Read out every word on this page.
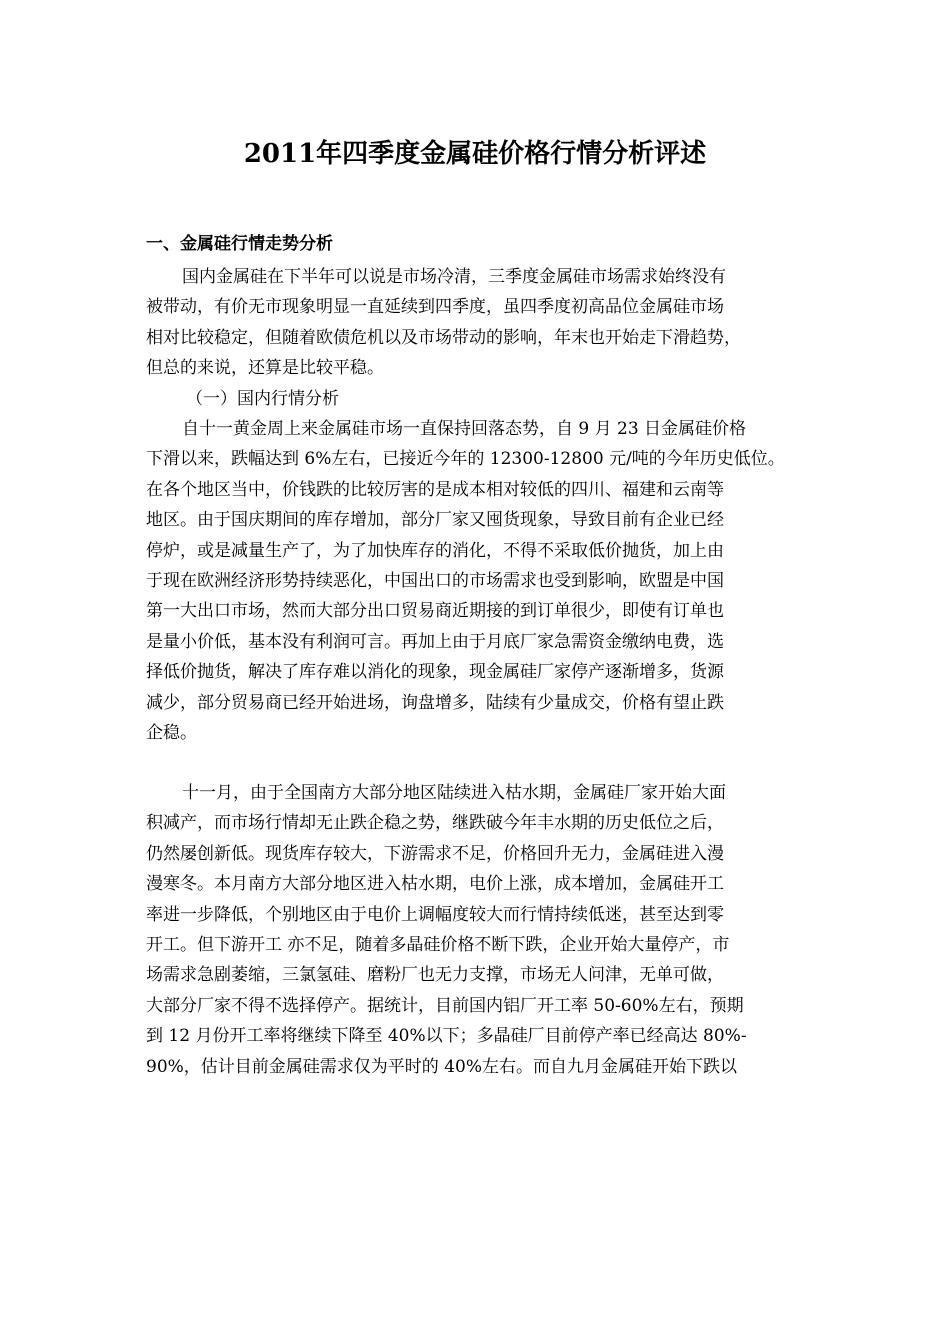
2011年四季度金属硅价格行情分析评述
一、金属硅行情走势分析
国内金属硅在下半年可以说是市场冷清，三季度金属硅市场需求始终没有
被带动，有价无市现象明显一直延续到四季度，虽四季度初高品位金属硅市场
相对比较稳定，但随着欧债危机以及市场带动的影响，年末也开始走下滑趋势，
但总的来说，还算是比较平稳。
（一）国内行情分析
自十一黄金周上来金属硅市场一直保持回落态势，自 9 月 23 日金属硅价格
下滑以来，跌幅达到 6%左右，已接近今年的 12300-12800 元/吨的今年历史低位。
在各个地区当中，价钱跌的比较厉害的是成本相对较低的四川、福建和云南等
地区。由于国庆期间的库存增加，部分厂家又囤货现象，导致目前有企业已经
停炉，或是减量生产了，为了加快库存的消化，不得不采取低价抛货，加上由
于现在欧洲经济形势持续恶化，中国出口的市场需求也受到影响，欧盟是中国
第一大出口市场，然而大部分出口贸易商近期接的到订单很少，即使有订单也
是量小价低，基本没有利润可言。再加上由于月底厂家急需资金缴纳电费，选
择低价抛货，解决了库存难以消化的现象，现金属硅厂家停产逐渐增多，货源
减少，部分贸易商已经开始进场，询盘增多，陆续有少量成交，价格有望止跌
企稳。
十一月，由于全国南方大部分地区陆续进入枯水期，金属硅厂家开始大面
积减产，而市场行情却无止跌企稳之势，继跌破今年丰水期的历史低位之后，
仍然屡创新低。现货库存较大，下游需求不足，价格回升无力，金属硅进入漫
漫寒冬。本月南方大部分地区进入枯水期，电价上涨，成本增加，金属硅开工
率进一步降低，个别地区由于电价上调幅度较大而行情持续低迷，甚至达到零
开工。但下游开工 亦不足，随着多晶硅价格不断下跌，企业开始大量停产，市
场需求急剧萎缩，三氯氢硅、磨粉厂也无力支撑，市场无人问津，无单可做，
大部分厂家不得不选择停产。据统计，目前国内铝厂开工率 50-60%左右，预期
到 12 月份开工率将继续下降至 40%以下；多晶硅厂目前停产率已经高达 80%-
90%，估计目前金属硅需求仅为平时的 40%左右。而自九月金属硅开始下跌以
